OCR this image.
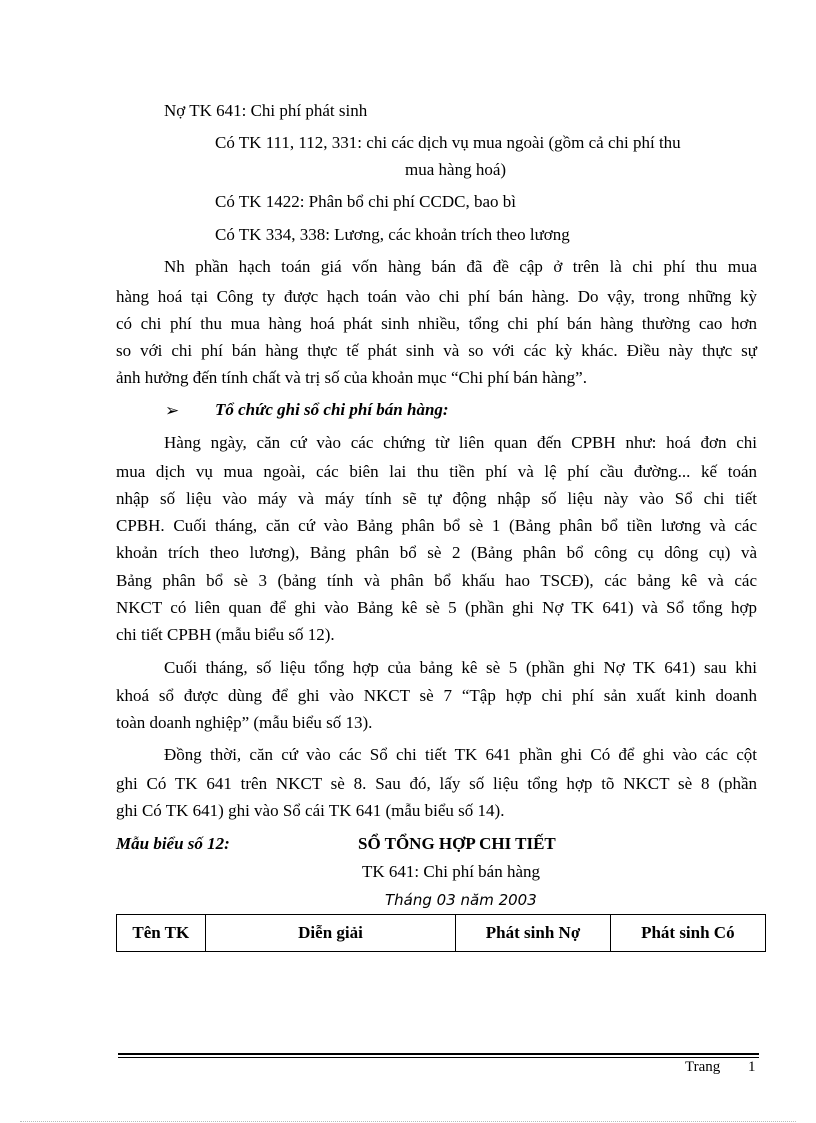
Nợ TK 641: Chi phí phát sinh
Có TK 111, 112, 331: chi các dịch vụ mua ngoài (gồm cả chi phí thu
mua hàng hoá)
Có TK 1422: Phân bổ chi phí CCDC, bao bì
Có TK 334, 338: Lương, các khoản trích theo lương
Nh phần hạch toán giá vốn hàng bán đã đề cập ở trên là chi phí thu mua
hàng hoá tại Công ty được hạch toán vào chi phí bán hàng. Do vậy, trong những kỳ
có chi phí thu mua hàng hoá phát sinh nhiều, tổng chi phí bán hàng thường cao hơn
so với chi phí bán hàng thực tế phát sinh và so với các kỳ khác. Điều này thực sự
ảnh hưởng đến tính chất và trị số của khoản mục “Chi phí bán hàng”.
➢ Tổ chức ghi sổ chi phí bán hàng:
Hàng ngày, căn cứ vào các chứng từ liên quan đến CPBH như: hoá đơn chi
mua dịch vụ mua ngoài, các biên lai thu tiền phí và lệ phí cầu đường... kế toán
nhập số liệu vào máy và máy tính sẽ tự động nhập số liệu này vào Sổ chi tiết
CPBH. Cuối tháng, căn cứ vào Bảng phân bổ sè 1 (Bảng phân bổ tiền lương và các
khoản trích theo lương), Bảng phân bổ sè 2 (Bảng phân bổ công cụ dông cụ) và
Bảng phân bổ sè 3 (bảng tính và phân bổ khấu hao TSCĐ), các bảng kê và các
NKCT có liên quan để ghi vào Bảng kê sè 5 (phần ghi Nợ TK 641) và Sổ tổng hợp
chi tiết CPBH (mẫu biểu số 12).
Cuối tháng, số liệu tổng hợp của bảng kê sè 5 (phần ghi Nợ TK 641) sau khi
khoá sổ được dùng để ghi vào NKCT sè 7 “Tập hợp chi phí sản xuất kinh doanh
toàn doanh nghiệp” (mẫu biểu số 13).
Đồng thời, căn cứ vào các Sổ chi tiết TK 641 phần ghi Có để ghi vào các cột
ghi Có TK 641 trên NKCT sè 8. Sau đó, lấy số liệu tổng hợp tõ NKCT sè 8 (phần
ghi Có TK 641) ghi vào Sổ cái TK 641 (mẫu biểu số 14).
Mẫu biểu số 12:	SỔ TỔNG HỢP CHI TIẾT
TK 641: Chi phí bán hàng
Tháng 03 năm 2003
Tên TK	Diễn giải	Phát sinh Nợ	Phát sinh Có
Trang 1
